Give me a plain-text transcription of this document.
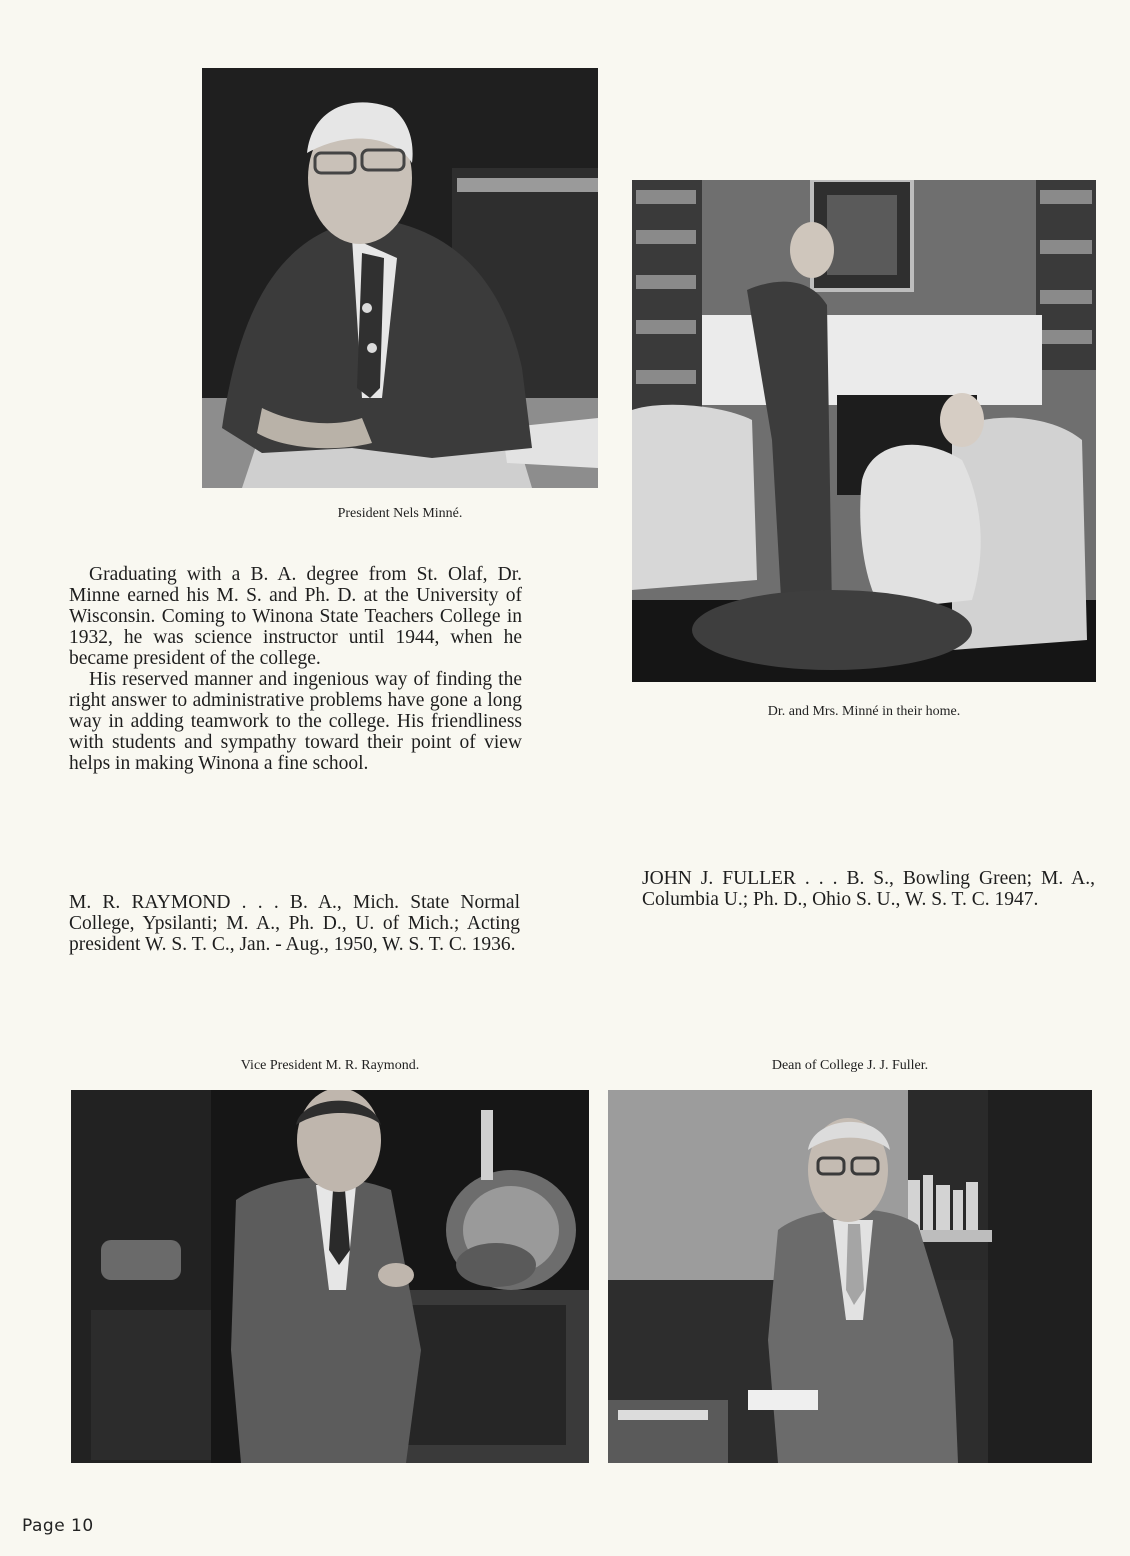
President Nels Minné.
Dr. and Mrs. Minné in their home.

Graduating with a B. A. degree from St. Olaf, Dr. Minne earned his M. S. and Ph. D. at the University of Wisconsin. Coming to Winona State Teachers College in 1932, he was science instructor until 1944, when he became president of the college.

His reserved manner and ingenious way of finding the right answer to administrative problems have gone a long way in adding teamwork to the college. His friendliness with students and sympathy toward their point of view helps in making Winona a fine school.

JOHN J. FULLER . . . B. S., Bowling Green; M. A., Columbia U.; Ph. D., Ohio S. U., W. S. T. C. 1947.

M. R. RAYMOND . . . B. A., Mich. State Normal College, Ypsilanti; M. A., Ph. D., U. of Mich.; Acting president W. S. T. C., Jan. - Aug., 1950, W. S. T. C. 1936.

Vice President M. R. Raymond.	Dean of College J. J. Fuller.
Page 10
